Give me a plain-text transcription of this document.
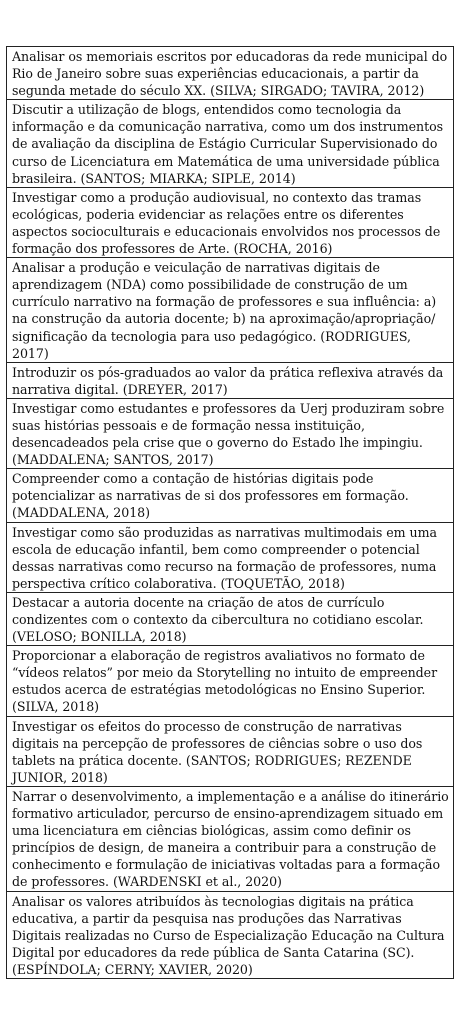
Analisar os memoriais escritos por educadoras da rede municipal do Rio de Janeiro sobre suas experiências educacionais, a partir da segunda metade do século XX. (SILVA; SIRGADO; TAVIRA, 2012)
Discutir a utilização de blogs, entendidos como tecnologia da informação e da comunicação narrativa, como um dos instrumentos de avaliação da disciplina de Estágio Curricular Supervisionado do curso de Licenciatura em Matemática de uma universidade pública brasileira. (SANTOS; MIARKA; SIPLE, 2014)
Investigar como a produção audiovisual, no contexto das tramas ecológicas, poderia evidenciar as relações entre os diferentes aspectos socioculturais e educacionais envolvidos nos processos de formação dos professores de Arte. (ROCHA, 2016)
Analisar a produção e veiculação de narrativas digitais de aprendizagem (NDA) como possibilidade de construção de um currículo narrativo na formação de professores e sua influência: a) na construção da autoria docente; b) na aproximação/apropriação/ significação da tecnologia para uso pedagógico. (RODRIGUES, 2017)
Introduzir os pós-graduados ao valor da prática reflexiva através da narrativa digital. (DREYER, 2017)
Investigar como estudantes e professores da Uerj produziram sobre suas histórias pessoais e de formação nessa instituição, desencadeados pela crise que o governo do Estado lhe impingiu. (MADDALENA; SANTOS, 2017)
Compreender como a contação de histórias digitais pode potencializar as narrativas de si dos professores em formação. (MADDALENA, 2018)
Investigar como são produzidas as narrativas multimodais em uma escola de educação infantil, bem como compreender o potencial dessas narrativas como recurso na formação de professores, numa perspectiva crítico colaborativa. (TOQUETÃO, 2018)
Destacar a autoria docente na criação de atos de currículo condizentes com o contexto da cibercultura no cotidiano escolar. (VELOSO; BONILLA, 2018)
Proporcionar a elaboração de registros avaliativos no formato de “vídeos relatos” por meio da Storytelling no intuito de empreender estudos acerca de estratégias metodológicas no Ensino Superior. (SILVA, 2018)
Investigar os efeitos do processo de construção de narrativas digitais na percepção de professores de ciências sobre o uso dos tablets na prática docente. (SANTOS; RODRIGUES; REZENDE JUNIOR, 2018)
Narrar o desenvolvimento, a implementação e a análise do itinerário formativo articulador, percurso de ensino-aprendizagem situado em uma licenciatura em ciências biológicas, assim como definir os princípios de design, de maneira a contribuir para a construção de conhecimento e formulação de iniciativas voltadas para a formação de professores. (WARDENSKI et al., 2020)
Analisar os valores atribuídos às tecnologias digitais na prática educativa, a partir da pesquisa nas produções das Narrativas Digitais realizadas no Curso de Especialização Educação na Cultura Digital por educadores da rede pública de Santa Catarina (SC). (ESPÍNDOLA; CERNY; XAVIER, 2020)
